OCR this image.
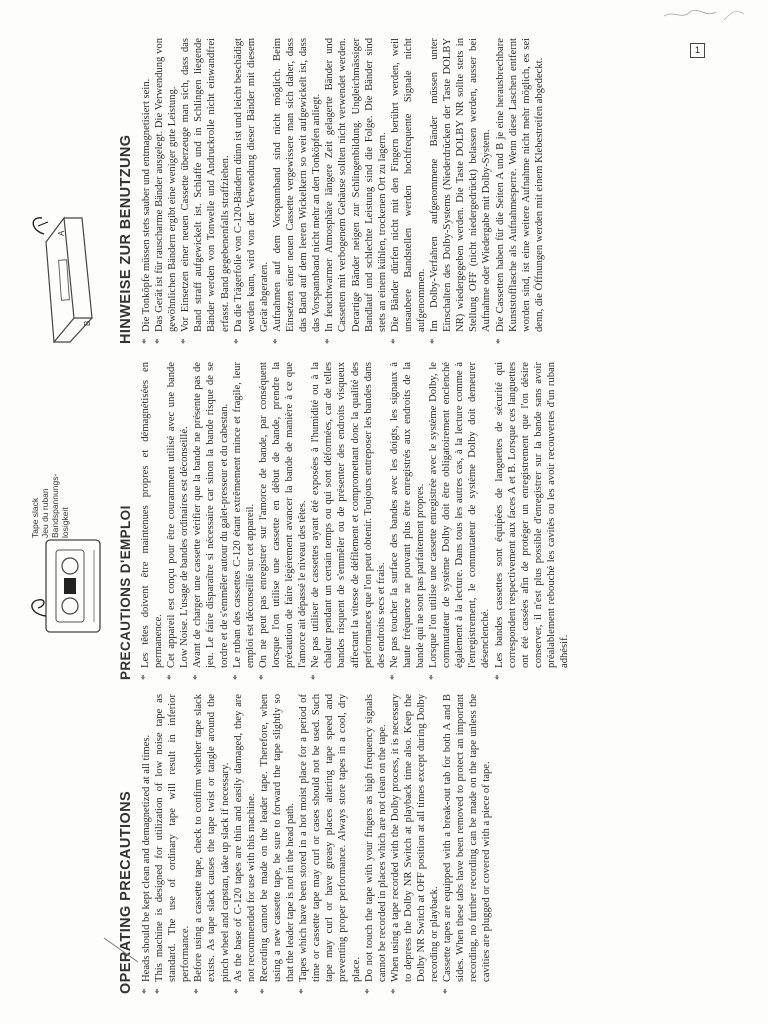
Tape slack Jeu du ruban Bandspannungs- losigkeit
A
B
OPERATING PRECAUTIONS * Heads should be kept clean and demagnetized at all times. * This machine is designed for utilization of low noise tape as standard. The use of ordinary tape will result in inferior performance. * Before using a cassette tape, check to confirm whether tape slack exists. As tape slack causes the tape twist or tangle around the pinch wheel and capstan, take up slack if necessary. * As the base of C-120 tapes are thin and easily damaged, they are not recommended for use with this machine. * Recording cannot be made on the leader tape. Therefore, when using a new cassette tape, be sure to forward the tape slightly so that the leader tape is not in the head path. * Tapes which have been stored in a hot moist place for a period of time or cassette tape may curl or cases should not be used. Such tape may curl or have greasy places altering tape speed and preventing proper performance. Always store tapes in a cool, dry place. * Do not touch the tape with your fingers as high frequency signals cannot be recorded in places which are not clean on the tape. * When using a tape recorded with the Dolby process, it is necessary to depress the Dolby NR Switch at playback time also. Keep the Dolby NR Switch at OFF position at all times except during Dolby recording or playback. * Cassette tapes are equipped with a break-out tab for both A and B sides. When these tabs have been removed to protect an important recording, no further recording can be made on the tape unless the cavities are plugged or covered with a piece of tape.
PRECAUTIONS D'EMPLOI * Les têtes doivent être maintenues propres et démagnétisées en permanence. * Cet appareil est conçu pour être couramment utilisé avec une bande Low Noise. L'usage de bandes ordinaires est déconseillé. * Avant de charger une cassette vérifier que la bande ne présente pas de jeu. Le faire disparaître si nécessaire car sinon la bande risque de se tordre et de s'emmêler autour du galet-presseur et du cabestan. * Le ruban des cassettes C-120 étant extrêmement mince et fragile, leur emploi est déconseillé sur cet appareil. * On ne peut pas enregistrer sur l'amorce de bande, par conséquent lorsque l'on utilise une cassette en début de bande, prendre la précaution de faire légèrement avancer la bande de manière à ce que l'amorce ait dépassé le niveau des têtes. * Ne pas utiliser de cassettes ayant été exposées à l'humidité ou à la chaleur pendant un certain temps ou qui sont déformées, car de telles bandes risquent de s'emmêler ou de présenter des endroits visqueux affectant la vitesse de défilement et compromettant donc la qualité des performances que l'on peut obtenir. Toujours entreposer les bandes dans des endroits secs et frais. * Ne pas toucher la surface des bandes avec les doigts, les signaux à haute fréquence ne pouvant plus être enregistrés aux endroits de la bande qui ne sont pas parfaitement propres. * Lorsque l'on utilise une cassette enregistrée avec le système Dolby, le commutateur de système Dolby doit être obligatoirement enclenché également à la lecture. Dans tous les autres cas, à la lecture comme à l'enregistrement, le commutateur de système Dolby doit demeurer désenclenché. * Les bandes cassettes sont équipées de languettes de sécurité qui correspondent respectivement aux faces A et B. Lorsque ces languettes ont été cassées afin de protéger un enregistrement que l'on désire conserver, il n'est plus possible d'enregistrer sur la bande sans avoir préalablement rebouché les cavités ou les avoir recouvertes d'un ruban adhésif.
HINWEISE ZUR BENUTZUNG * Die Tonköpfe müssen stets sauber und entmagnetisiert sein. * Das Gerät ist für rauscharme Bänder ausgelegt. Die Verwendung von gewöhnlichen Bändern ergibt eine weniger gute Leistung. * Vor Einsetzen einer neuen Cassette überzeuge man sich, dass das Band straff aufgewickelt ist. Schlaffe und in Schlingen liegende Bänder werden von Tonwelle und Andruckrolle nicht einwandfrei erfasst. Band gegebenenfalls straffziehen. * Da die Trägerfolie von C-120-Bändern dünn ist und leicht beschädigt werden kann, wird von der Verwendung dieser Bänder mit diesem Gerät abgeraten. * Aufnahmen auf dem Vorspannband sind nicht möglich. Beim Einsetzen einer neuen Cassette vergewissere man sich daher, dass das Band auf dem leeren Wickelkern so weit aufgewickelt ist, dass das Vorspannband nicht mehr an den Tonköpfen anliegt. * In feuchtwarmer Atmosphäre längere Zeit gelagerte Bänder und Cassetten mit verbogenem Gehäuse sollten nicht verwendet werden. Derartige Bänder neigen zur Schlingenbildung. Ungleichmässiger Bandlauf und schlechte Leistung sind die Folge. Die Bänder sind stets an einem kühlen, trockenen Ort zu lagern. * Die Bänder dürfen nicht mit den Fingern berührt werden, weil unsaubere Bandstellen werden hochfrequente Signale nicht aufgenommen. * Im Dolby-Verfahren aufgenommene Bänder müssen unter Einschalten des Dolby-Systems (Niederdrücken der Taste DOLBY NR) wiedergegeben werden. Die Taste DOLBY NR sollte stets in Stellung OFF (nicht niedergedrückt) belassen werden, ausser bei Aufnahme oder Wiedergabe mit Dolby-System. * Die Cassetten haben für die Seiten A und B je eine herausbrechbare Kunststofflasche als Aufnahmesperre. Wenn diese Laschen entfernt worden sind, ist eine weitere Aufnahme nicht mehr möglich, es sei denn, die Öffnungen werden mit einem Klebestreifen abgedeckt.
1
